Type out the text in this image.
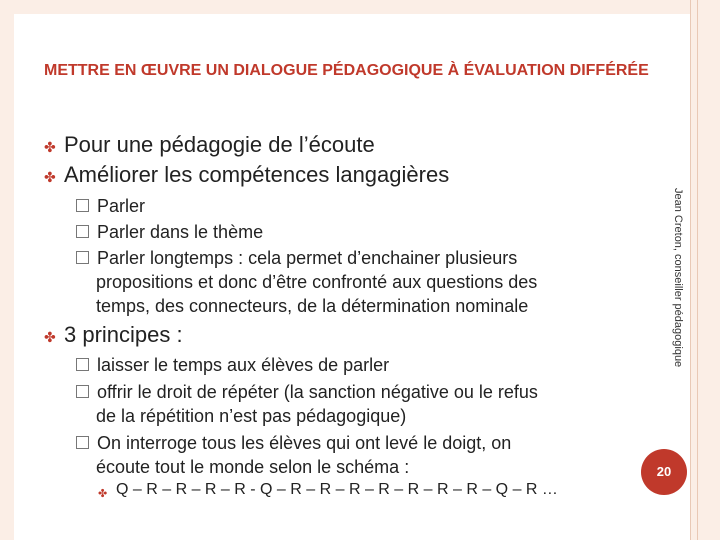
METTRE EN ŒUVRE UN DIALOGUE PÉDAGOGIQUE À ÉVALUATION DIFFÉRÉE
✤ Pour une pédagogie de l’écoute
✤ Améliorer les compétences langagières
Parler
Parler dans le thème
Parler longtemps : cela permet d’enchainer plusieurs
propositions et donc d’être confronté aux questions des
temps, des connecteurs, de la détermination nominale
✤ 3 principes :
laisser le temps aux élèves de parler
offrir le droit de répéter (la sanction négative ou le refus
de la répétition n’est pas pédagogique)
On interroge tous les élèves qui ont levé le doigt, on
écoute tout le monde selon le schéma :
✤ Q – R – R – R – R - Q – R – R – R – R – R – R – R – Q – R …
Jean Creton, conseiller pédagogique
20
